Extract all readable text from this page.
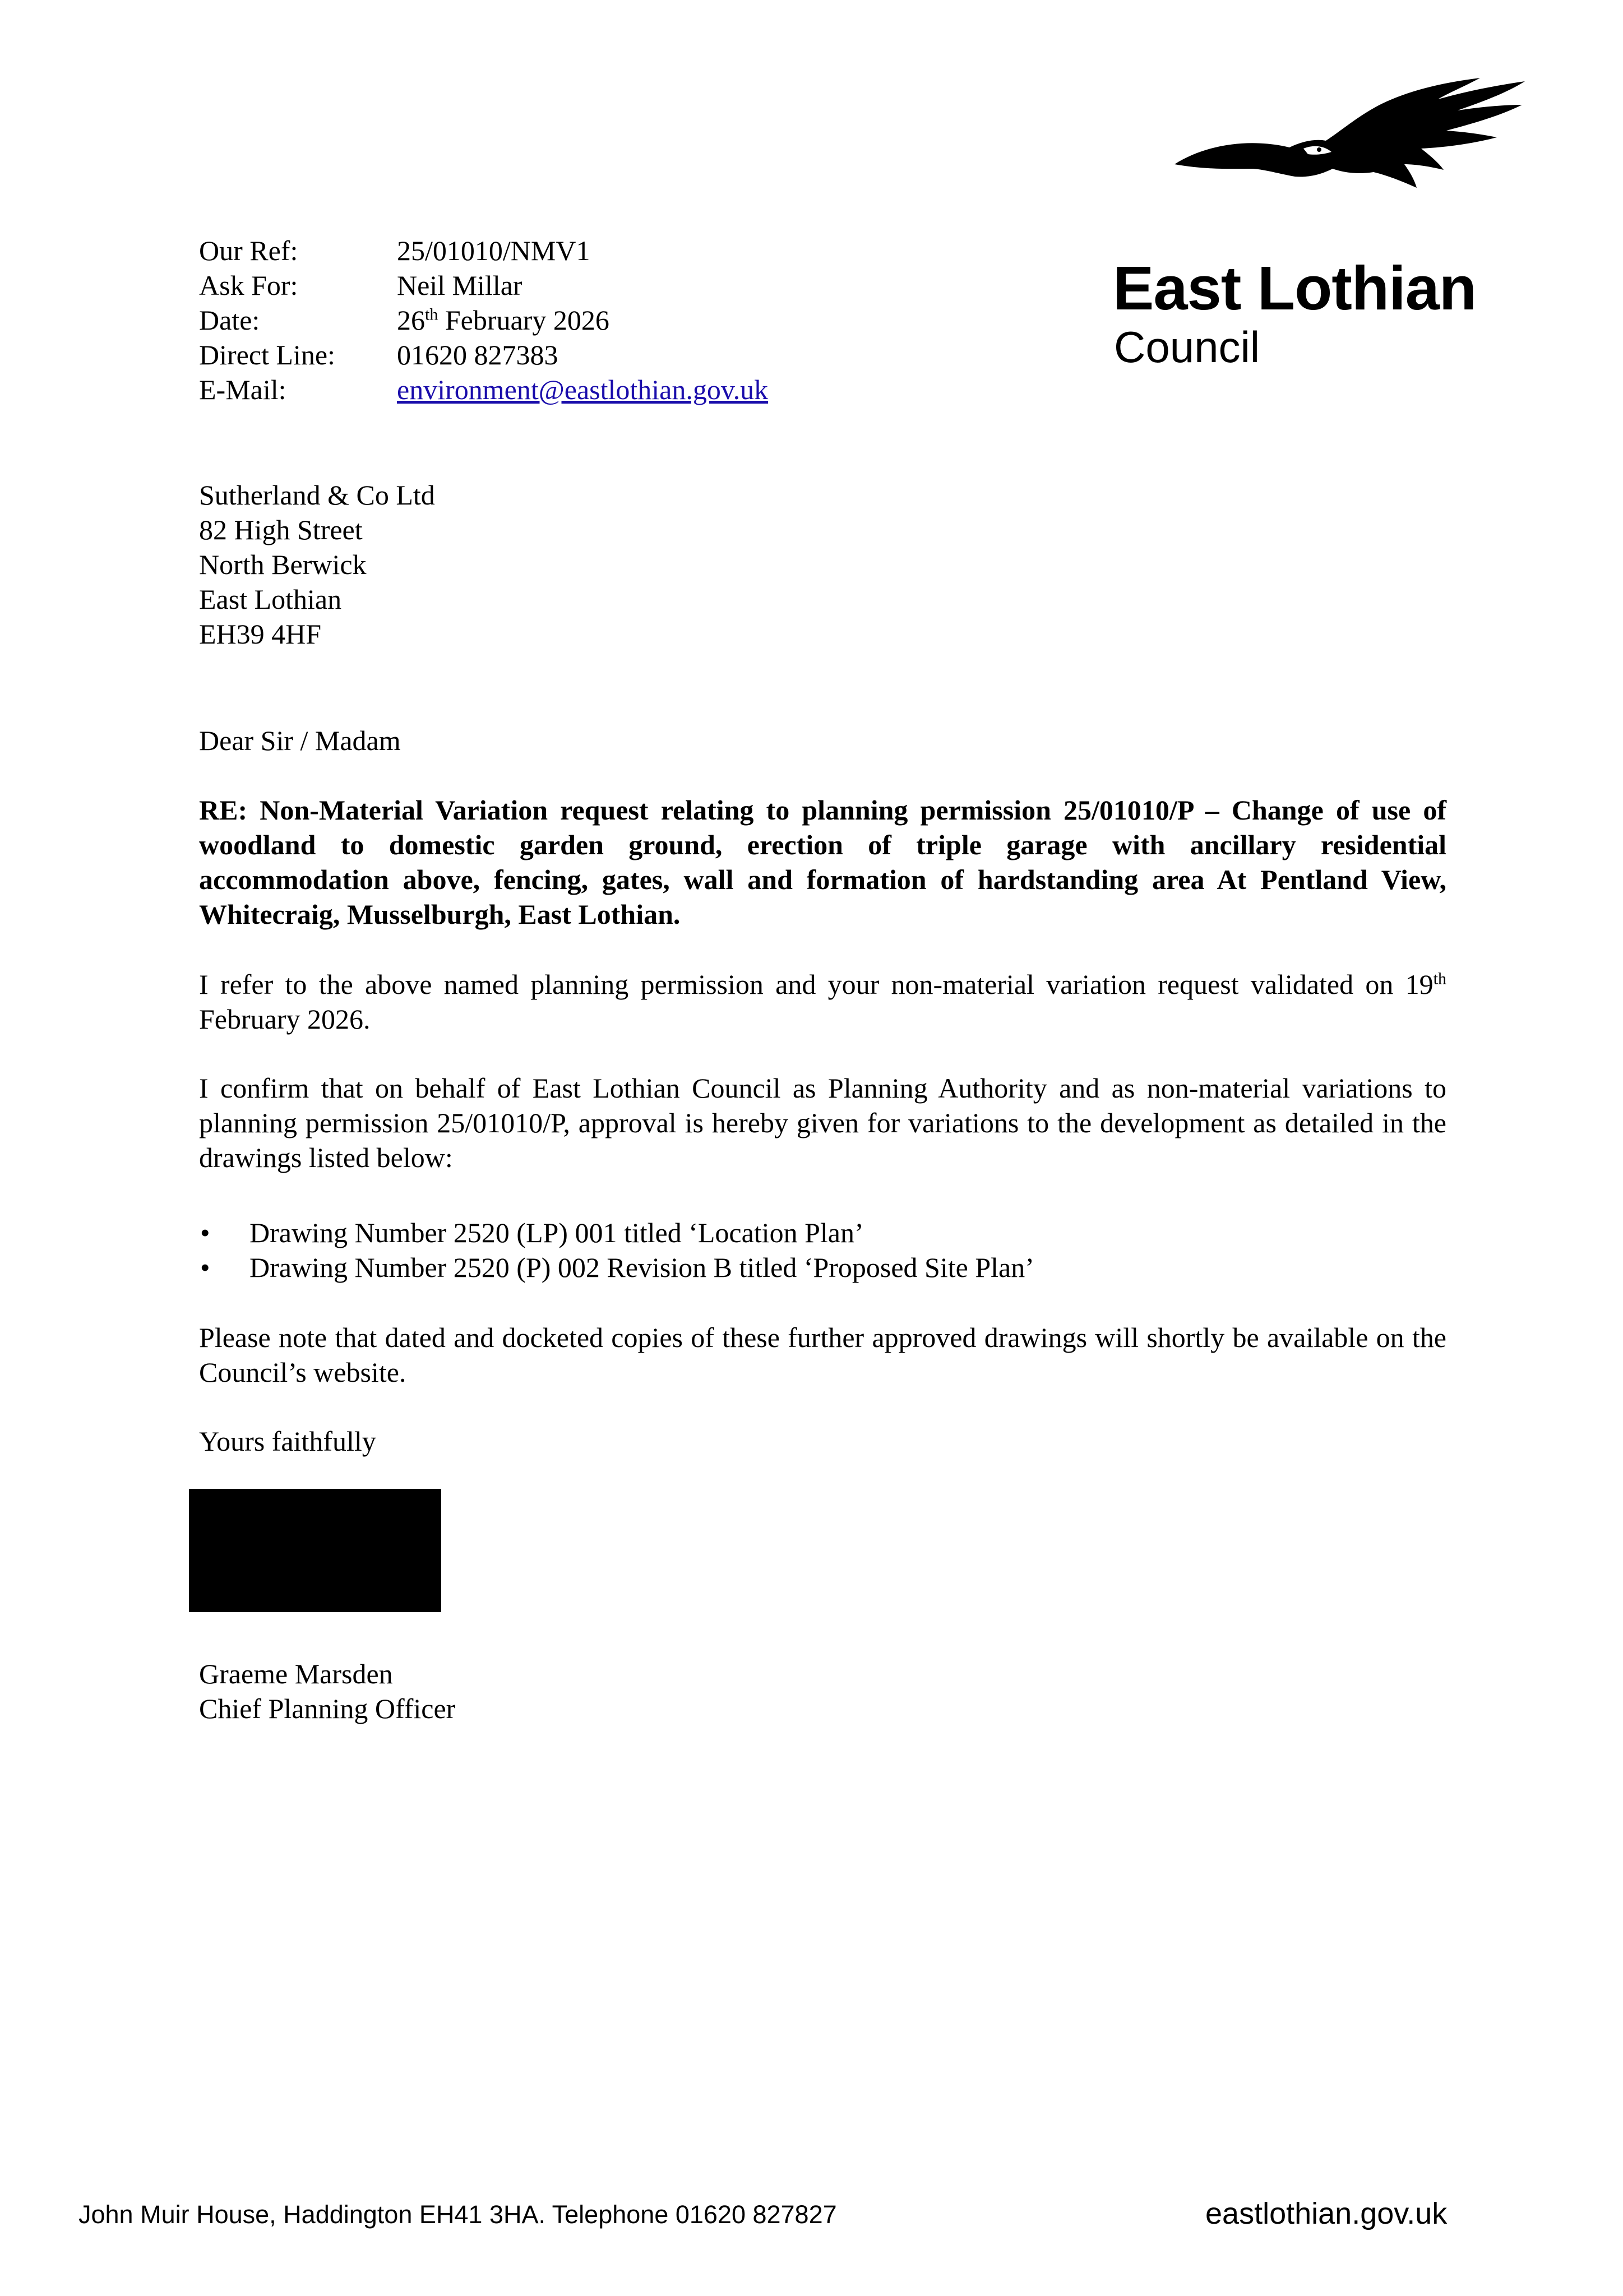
East Lothian
Council
Our Ref:	25/01010/NMV1
Ask For:	Neil Millar
Date:	26th February 2026
Direct Line:	01620 827383
E-Mail:	environment@eastlothian.gov.uk
Sutherland & Co Ltd
82 High Street
North Berwick
East Lothian
EH39 4HF
Dear Sir / Madam
RE: Non-Material Variation request relating to planning permission 25/01010/P – Change of use of woodland to domestic garden ground, erection of triple garage with ancillary residential accommodation above, fencing, gates, wall and formation of hardstanding area At Pentland View, Whitecraig, Musselburgh, East Lothian.
I refer to the above named planning permission and your non-material variation request validated on 19th February 2026.
I confirm that on behalf of East Lothian Council as Planning Authority and as non-material variations to planning permission 25/01010/P, approval is hereby given for variations to the development as detailed in the drawings listed below:
•	Drawing Number 2520 (LP) 001 titled ‘Location Plan’
•	Drawing Number 2520 (P) 002 Revision B titled ‘Proposed Site Plan’
Please note that dated and docketed copies of these further approved drawings will shortly be available on the Council’s website.
Yours faithfully
Graeme Marsden
Chief Planning Officer
John Muir House, Haddington EH41 3HA. Telephone 01620 827827	eastlothian.gov.uk
